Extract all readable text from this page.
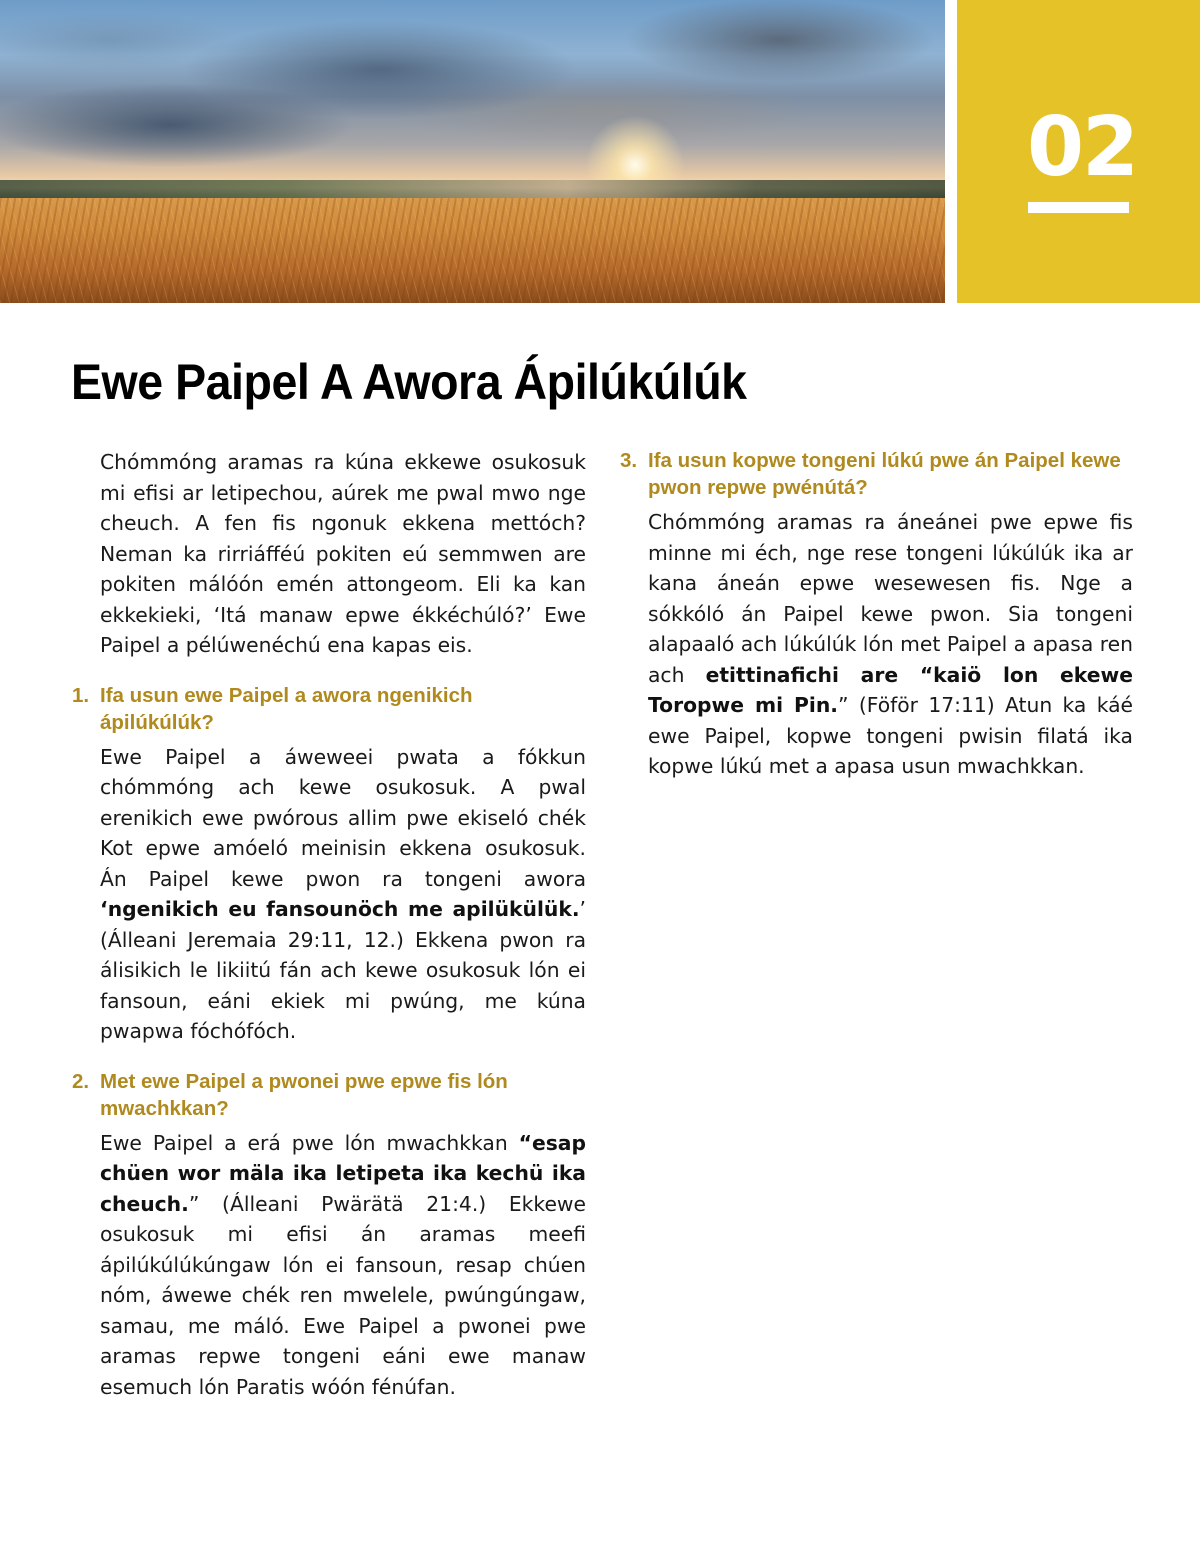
02
Ewe Paipel A Awora Ápilúkúlúk

Chómmóng aramas ra kúna ekkewe osukosuk mi efisi ar letipechou, aúrek me pwal mwo nge cheuch. A fen fis ngonuk ekkena mettóch? Neman ka rirriáfféú pokiten eú semmwen are pokiten málóón emén attongeom. Eli ka kan ekkekieki, ‘Itá manaw epwe ékkéchúló?’ Ewe Paipel a pélúwenéchú ena kapas eis.

1. Ifa usun ewe Paipel a awora ngenikich ápilúkúlúk?

Ewe Paipel a áweweei pwata a fókkun chómmóng ach kewe osukosuk. A pwal erenikich ewe pwórous allim pwe ekiseló chék Kot epwe amóeló meinisin ekkena osukosuk. Án Paipel kewe pwon ra tongeni awora ‘ngenikich eu fansounöch me apilükülük.’ (Álleani Jeremaia 29:11, 12.) Ekkena pwon ra álisikich le likiitú fán ach kewe osukosuk lón ei fansoun, eáni ekiek mi pwúng, me kúna pwapwa fóchófóch.

2. Met ewe Paipel a pwonei pwe epwe fis lón mwachkkan?

Ewe Paipel a erá pwe lón mwachkkan “esap chüen wor mäla ika letipeta ika kechü ika cheuch.” (Álleani Pwärätä 21:4.) Ekkewe osukosuk mi efisi án aramas meefi ápilúkúlúkúngaw lón ei fansoun, resap chúen nóm, áwewe chék ren mwelele, pwúngúngaw, samau, me máló. Ewe Paipel a pwonei pwe aramas repwe tongeni eáni ewe manaw esemuch lón Paratis wóón fénúfan.

3. Ifa usun kopwe tongeni lúkú pwe án Paipel kewe pwon repwe pwénútá?

Chómmóng aramas ra áneánei pwe epwe fis minne mi éch, nge rese tongeni lúkúlúk ika ar kana áneán epwe wesewesen fis. Nge a sókkóló án Paipel kewe pwon. Sia tongeni alapaaló ach lúkúlúk lón met Paipel a apasa ren ach etittinafichi are “kaiö lon ekewe Toropwe mi Pin.” (Föför 17:11) Atun ka káé ewe Paipel, kopwe tongeni pwisin filatá ika kopwe lúkú met a apasa usun mwachkkan.
